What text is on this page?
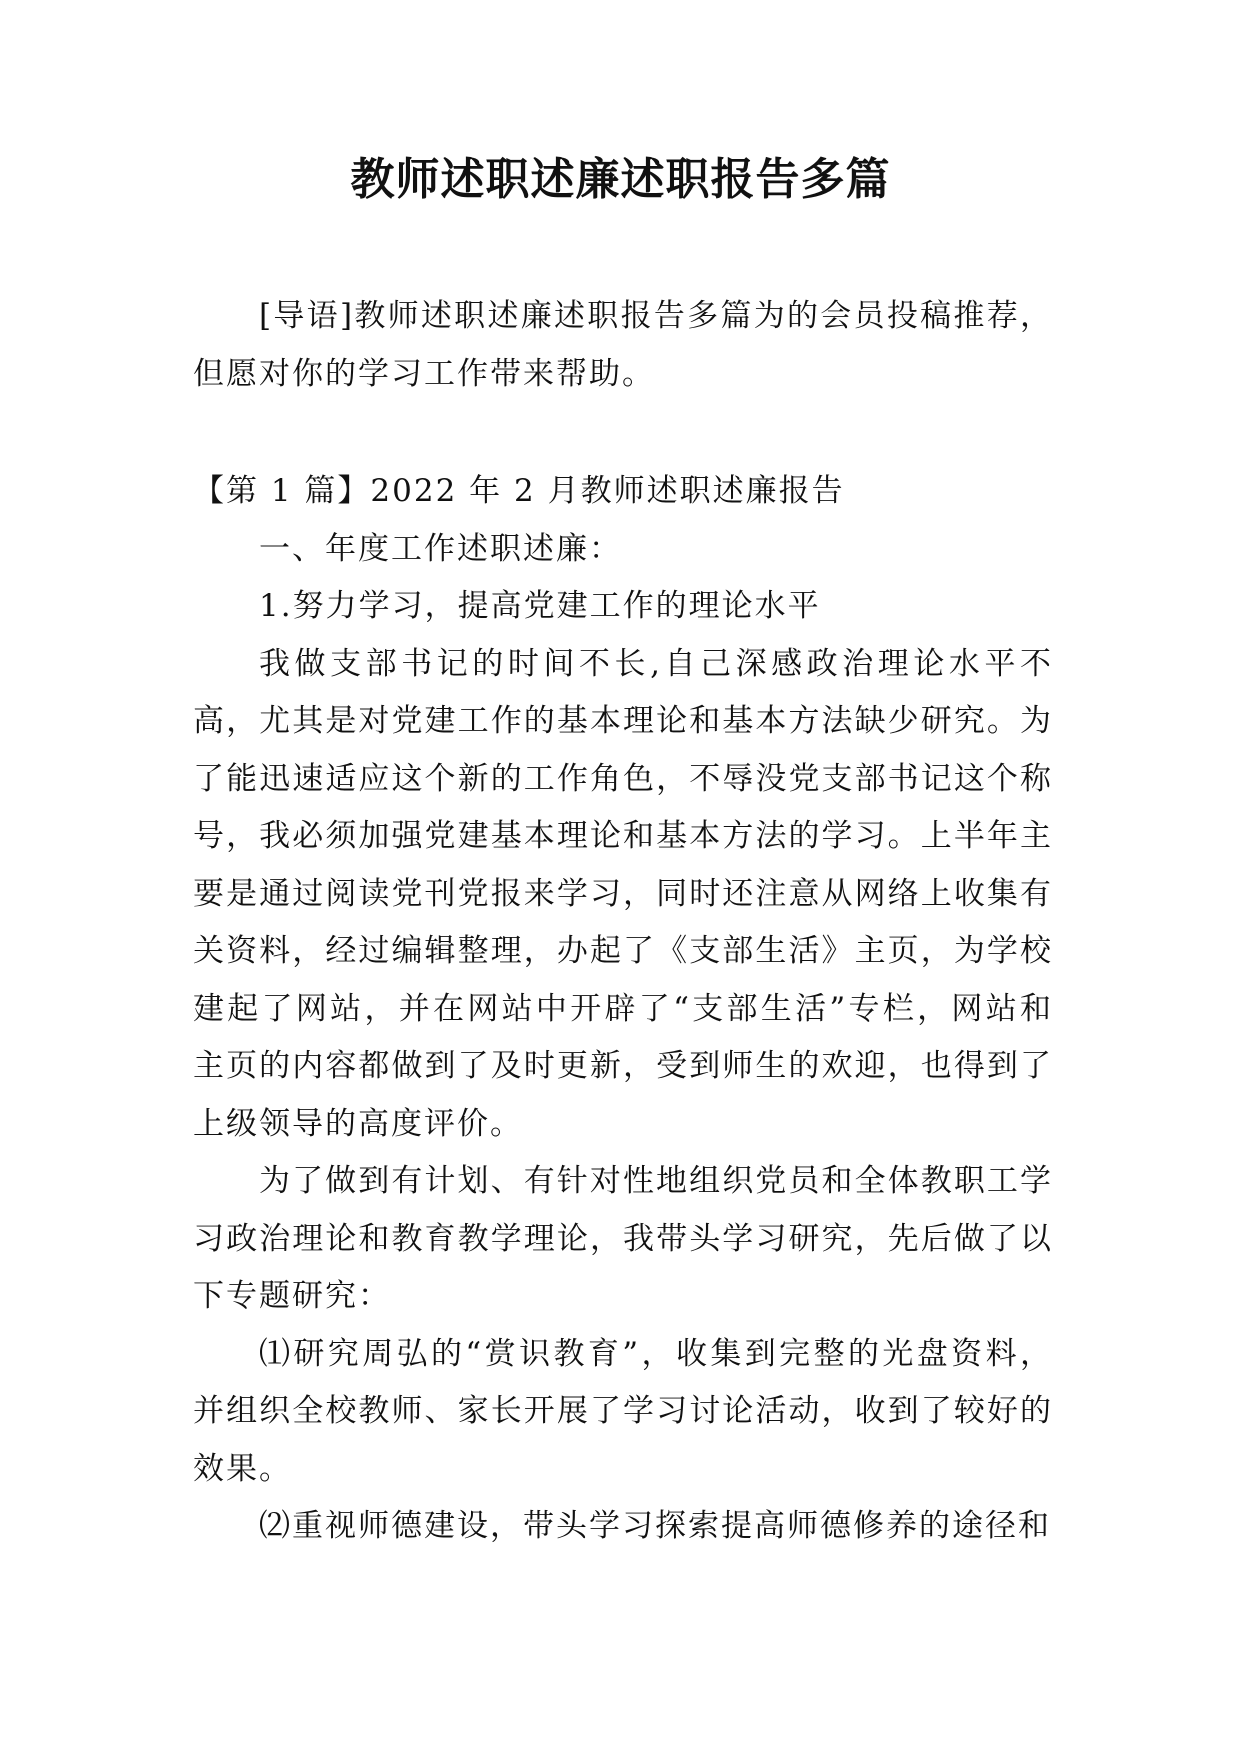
教师述职述廉述职报告多篇

[导语]教师述职述廉述职报告多篇为的会员投稿推荐，但愿对你的学习工作带来帮助。

【第 1 篇】2022 年 2 月教师述职述廉报告

一、年度工作述职述廉：

1.努力学习，提高党建工作的理论水平

我做支部书记的时间不长,自己深感政治理论水平不高，尤其是对党建工作的基本理论和基本方法缺少研究。为了能迅速适应这个新的工作角色，不辱没党支部书记这个称号，我必须加强党建基本理论和基本方法的学习。上半年主要是通过阅读党刊党报来学习，同时还注意从网络上收集有关资料，经过编辑整理，办起了《支部生活》主页，为学校建起了网站，并在网站中开辟了“支部生活”专栏，网站和主页的内容都做到了及时更新，受到师生的欢迎，也得到了上级领导的高度评价。

为了做到有计划、有针对性地组织党员和全体教职工学习政治理论和教育教学理论，我带头学习研究，先后做了以下专题研究：

⑴研究周弘的“赏识教育”，收集到完整的光盘资料，并组织全校教师、家长开展了学习讨论活动，收到了较好的效果。

⑵重视师德建设，带头学习探索提高师德修养的途径和
